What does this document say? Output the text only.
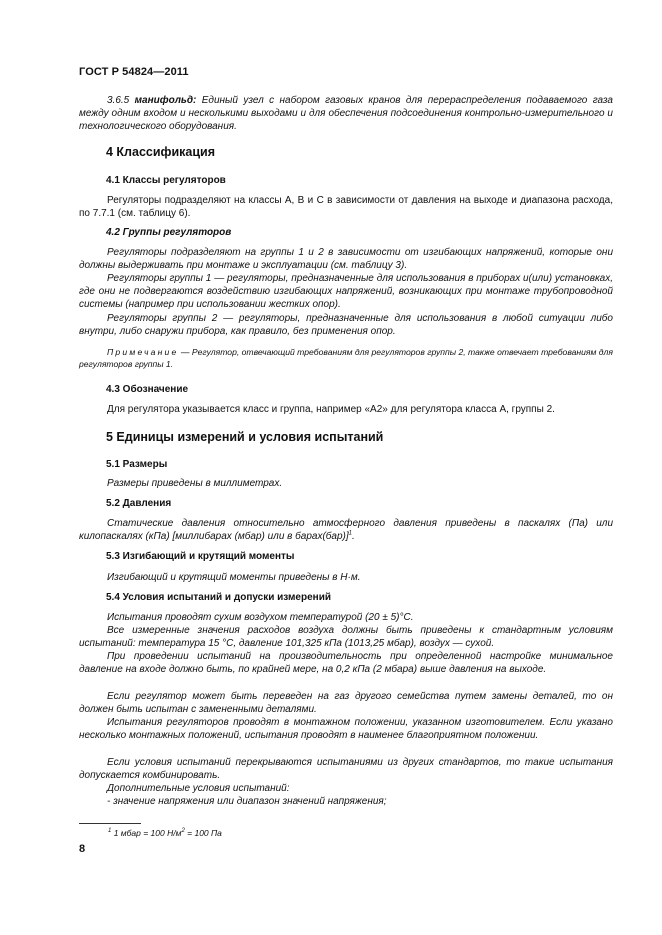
ГОСТ Р 54824—2011
3.6.5 манифольд: Единый узел с набором газовых кранов для перераспределения подаваемого газа между одним входом и несколькими выходами и для обеспечения подсоединения контрольно-измерительного и технологического оборудования.
4 Классификация
4.1 Классы регуляторов
Регуляторы подразделяют на классы А, В и С в зависимости от давления на выходе и диапазона расхода, по 7.7.1 (см. таблицу 6).
4.2 Группы регуляторов
Регуляторы подразделяют на группы 1 и 2 в зависимости от изгибающих напряжений, которые они должны выдерживать при монтаже и эксплуатации (см. таблицу 3).
Регуляторы группы 1 — регуляторы, предназначенные для использования в приборах и(или) установках, где они не подвергаются воздействию изгибающих напряжений, возникающих при монтаже трубопроводной системы (например при использовании жестких опор).
Регуляторы группы 2 — регуляторы, предназначенные для использования в любой ситуации либо внутри, либо снаружи прибора, как правило, без применения опор.
Примечание — Регулятор, отвечающий требованиям для регуляторов группы 2, также отвечает требованиям для регуляторов группы 1.
4.3 Обозначение
Для регулятора указывается класс и группа, например «А2» для регулятора класса А, группы 2.
5 Единицы измерений и условия испытаний
5.1 Размеры
Размеры приведены в миллиметрах.
5.2 Давления
Статические давления относительно атмосферного давления приведены в паскалях (Па) или килопаскалях (кПа) [миллибарах (мбар) или в барах(бар)]$^1$.
5.3 Изгибающий и крутящий моменты
Изгибающий и крутящий моменты приведены в Н·м.
5.4 Условия испытаний и допуски измерений
Испытания проводят сухим воздухом температурой (20 ± 5)°С.
Все измеренные значения расходов воздуха должны быть приведены к стандартным условиям испытаний: температура 15 °С, давление 101,325 кПа (1013,25 мбар), воздух — сухой.
При проведении испытаний на производительность при определенной настройке минимальное давление на входе должно быть, по крайней мере, на 0,2 кПа (2 мбара) выше давления на выходе.
Если регулятор может быть переведен на газ другого семейства путем замены деталей, то он должен быть испытан с замененными деталями.
Испытания регуляторов проводят в монтажном положении, указанном изготовителем. Если указано несколько монтажных положений, испытания проводят в наименее благоприятном положении.
Если условия испытаний перекрываются испытаниями из других стандартов, то такие испытания допускается комбинировать.
Дополнительные условия испытаний:
- значение напряжения или диапазон значений напряжения;
$^1$ 1 мбар = 100 $Н/м^2 = 100$ Па
8
